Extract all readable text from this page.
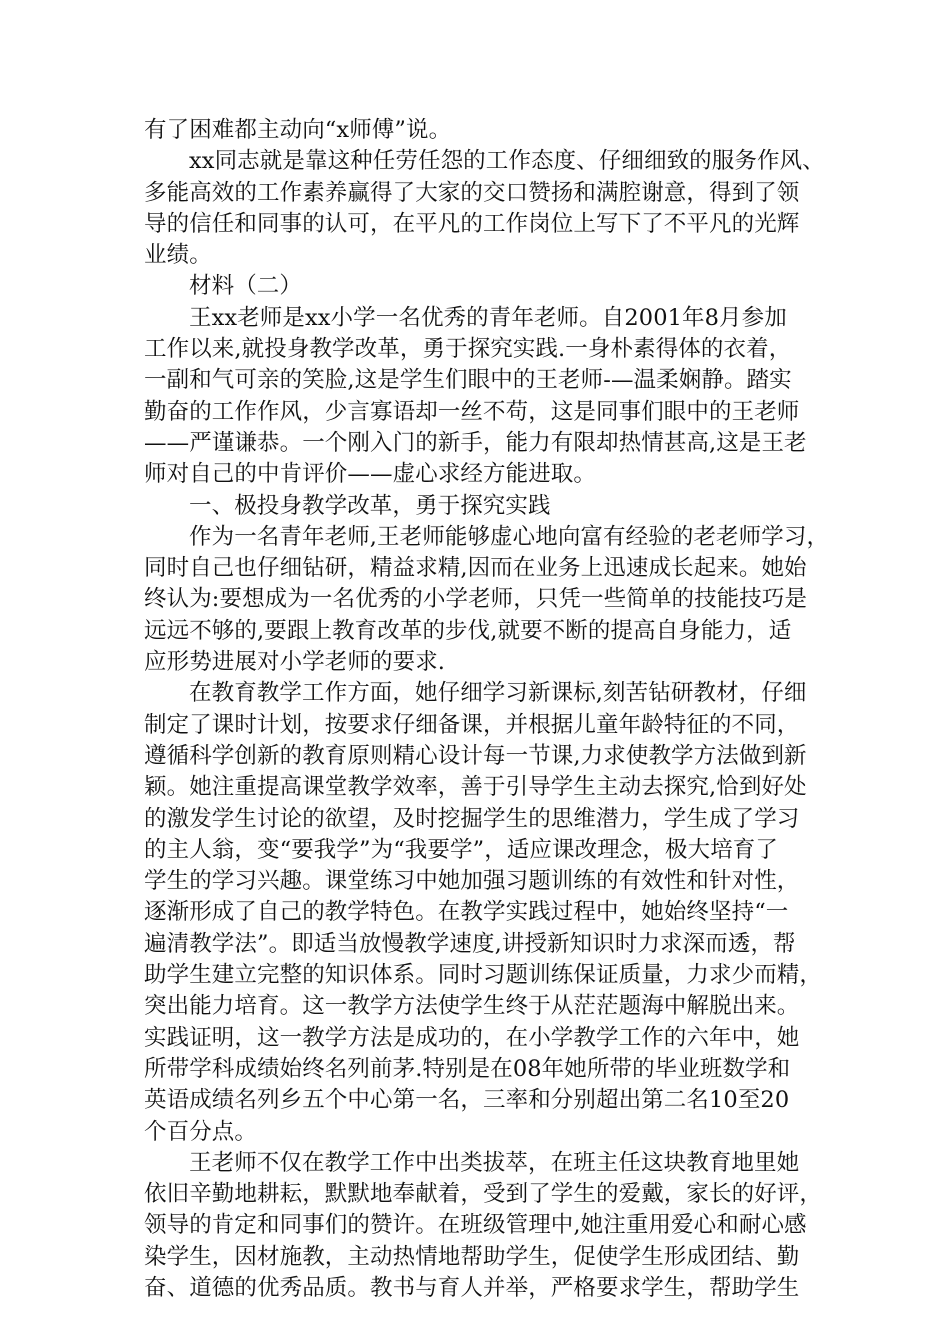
有了困难都主动向“x师傅”说。
xx同志就是靠这种任劳任怨的工作态度、仔细细致的服务作风、
多能高效的工作素养赢得了大家的交口赞扬和满腔谢意，得到了领
导的信任和同事的认可，在平凡的工作岗位上写下了不平凡的光辉
业绩。
材料（二）
王xx老师是xx小学一名优秀的青年老师。自2001年8月参加
工作以来,就投身教学改革，勇于探究实践.一身朴素得体的衣着，
一副和气可亲的笑脸,这是学生们眼中的王老师-—温柔娴静。踏实
勤奋的工作作风，少言寡语却一丝不苟，这是同事们眼中的王老师
——严谨谦恭。一个刚入门的新手，能力有限却热情甚高,这是王老
师对自己的中肯评价——虚心求经方能进取。
一、极投身教学改革，勇于探究实践
作为一名青年老师,王老师能够虚心地向富有经验的老老师学习，
同时自己也仔细钻研，精益求精,因而在业务上迅速成长起来。她始
终认为:要想成为一名优秀的小学老师，只凭一些简单的技能技巧是
远远不够的,要跟上教育改革的步伐,就要不断的提高自身能力，适
应形势进展对小学老师的要求.
在教育教学工作方面，她仔细学习新课标,刻苦钻研教材，仔细
制定了课时计划，按要求仔细备课，并根据儿童年龄特征的不同，
遵循科学创新的教育原则精心设计每一节课,力求使教学方法做到新
颖。她注重提高课堂教学效率，善于引导学生主动去探究,恰到好处
的激发学生讨论的欲望，及时挖掘学生的思维潜力，学生成了学习
的主人翁，变“要我学”为“我要学”，适应课改理念，极大培育了
学生的学习兴趣。课堂练习中她加强习题训练的有效性和针对性，
逐渐形成了自己的教学特色。在教学实践过程中，她始终坚持“一
遍清教学法”。即适当放慢教学速度,讲授新知识时力求深而透，帮
助学生建立完整的知识体系。同时习题训练保证质量，力求少而精，
突出能力培育。这一教学方法使学生终于从茫茫题海中解脱出来。
实践证明，这一教学方法是成功的，在小学教学工作的六年中，她
所带学科成绩始终名列前茅.特别是在08年她所带的毕业班数学和
英语成绩名列乡五个中心第一名，三率和分别超出第二名10至20
个百分点。
王老师不仅在教学工作中出类拔萃，在班主任这块教育地里她
依旧辛勤地耕耘，默默地奉献着，受到了学生的爱戴，家长的好评，
领导的肯定和同事们的赞许。在班级管理中,她注重用爱心和耐心感
染学生，因材施教，主动热情地帮助学生，促使学生形成团结、勤
奋、道德的优秀品质。教书与育人并举，严格要求学生，帮助学生
